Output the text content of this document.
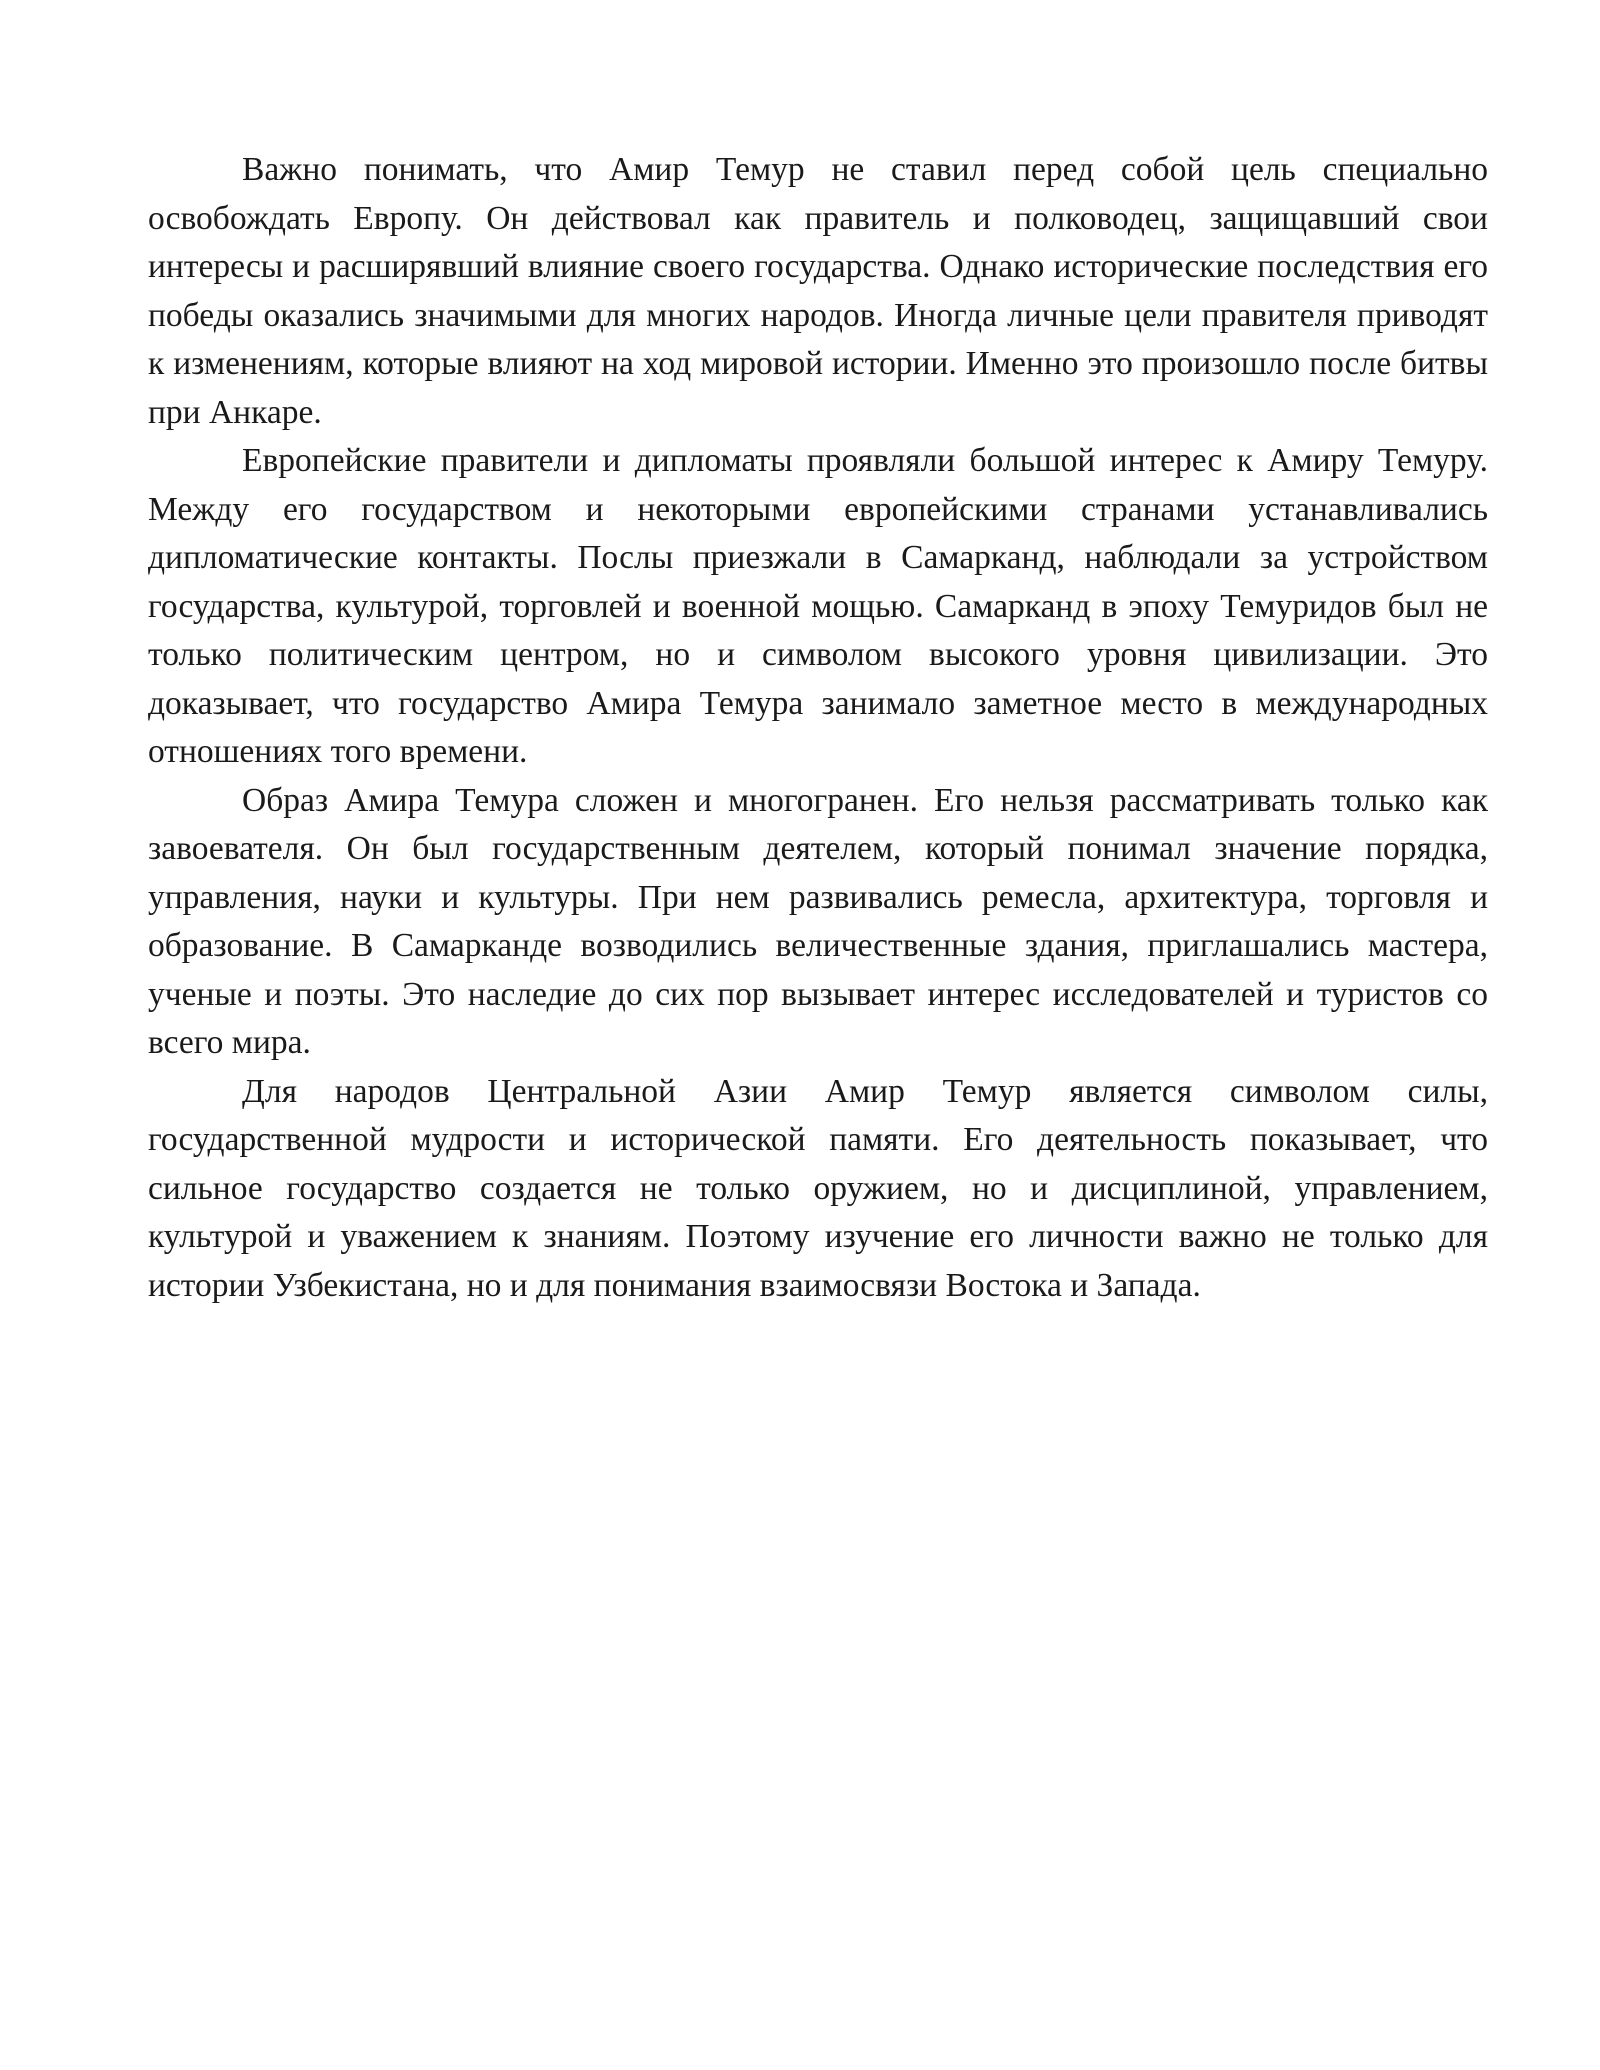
Важно понимать, что Амир Темур не ставил перед собой цель специально освобождать Европу. Он действовал как правитель и полководец, защищавший свои интересы и расширявший влияние своего государства. Однако исторические последствия его победы оказались значимыми для многих народов. Иногда личные цели правителя приводят к изменениям, которые влияют на ход мировой истории. Именно это произошло после битвы при Анкаре.

Европейские правители и дипломаты проявляли большой интерес к Амиру Темуру. Между его государством и некоторыми европейскими странами устанавливались дипломатические контакты. Послы приезжали в Самарканд, наблюдали за устройством государства, культурой, торговлей и военной мощью. Самарканд в эпоху Темуридов был не только политическим центром, но и символом высокого уровня цивилизации. Это доказывает, что государство Амира Темура занимало заметное место в международных отношениях того времени.

Образ Амира Темура сложен и многогранен. Его нельзя рассматривать только как завоевателя. Он был государственным деятелем, который понимал значение порядка, управления, науки и культуры. При нем развивались ремесла, архитектура, торговля и образование. В Самарканде возводились величественные здания, приглашались мастера, ученые и поэты. Это наследие до сих пор вызывает интерес исследователей и туристов со всего мира.

Для народов Центральной Азии Амир Темур является символом силы, государственной мудрости и исторической памяти. Его деятельность показывает, что сильное государство создается не только оружием, но и дисциплиной, управлением, культурой и уважением к знаниям. Поэтому изучение его личности важно не только для истории Узбекистана, но и для понимания взаимосвязи Востока и Запада.
